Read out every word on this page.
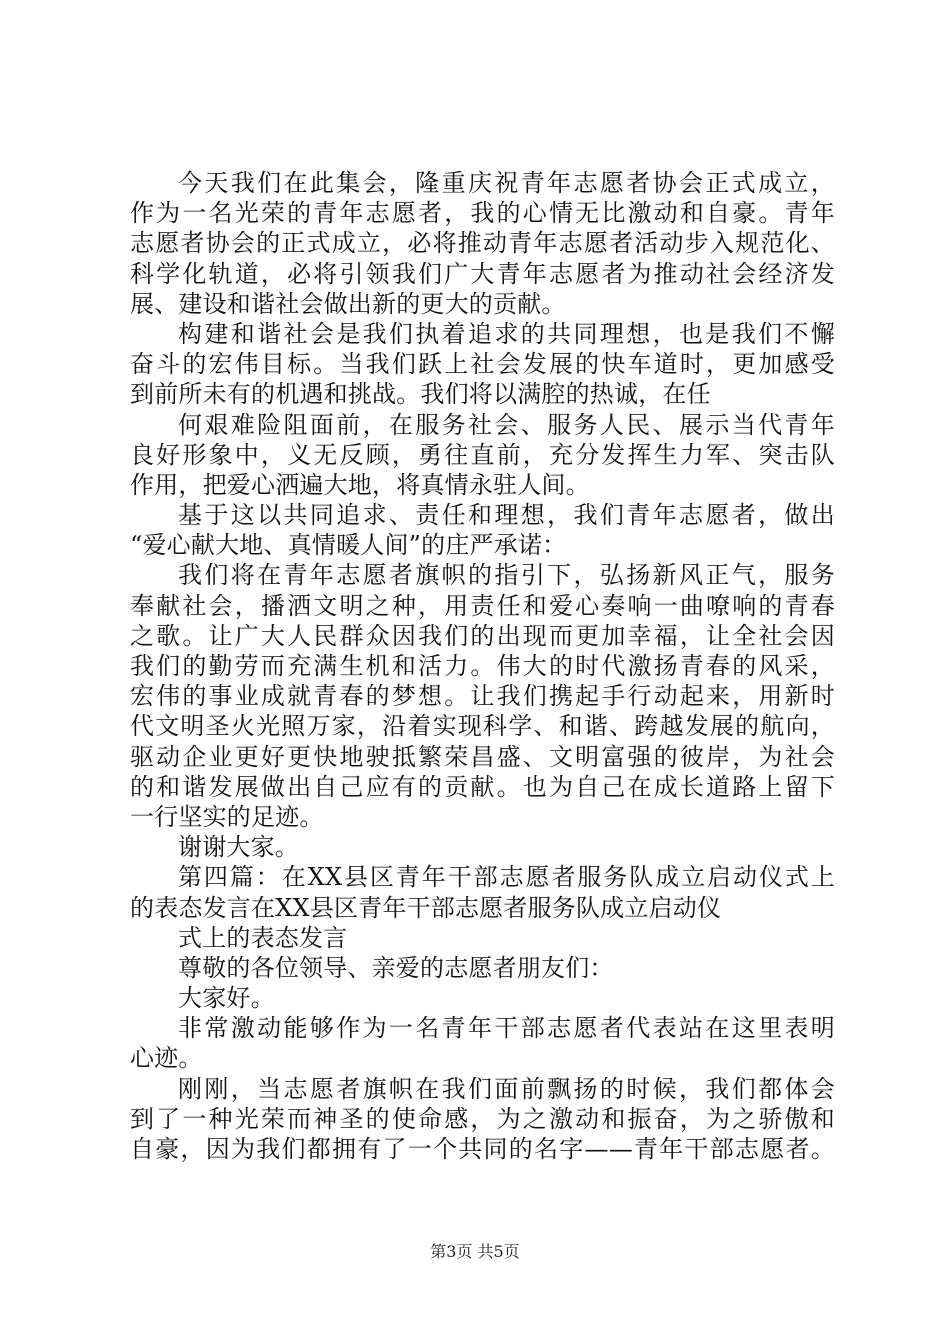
今天我们在此集会，隆重庆祝青年志愿者协会正式成立，
作为一名光荣的青年志愿者，我的心情无比激动和自豪。青年
志愿者协会的正式成立，必将推动青年志愿者活动步入规范化、
科学化轨道，必将引领我们广大青年志愿者为推动社会经济发
展、建设和谐社会做出新的更大的贡献。
构建和谐社会是我们执着追求的共同理想，也是我们不懈
奋斗的宏伟目标。当我们跃上社会发展的快车道时，更加感受
到前所未有的机遇和挑战。我们将以满腔的热诚，在任
何艰难险阻面前，在服务社会、服务人民、展示当代青年
良好形象中，义无反顾，勇往直前，充分发挥生力军、突击队
作用，把爱心洒遍大地，将真情永驻人间。
基于这以共同追求、责任和理想，我们青年志愿者，做出
“爱心献大地、真情暖人间”的庄严承诺：
我们将在青年志愿者旗帜的指引下，弘扬新风正气，服务
奉献社会，播洒文明之种，用责任和爱心奏响一曲嘹响的青春
之歌。让广大人民群众因我们的出现而更加幸福，让全社会因
我们的勤劳而充满生机和活力。伟大的时代激扬青春的风采，
宏伟的事业成就青春的梦想。让我们携起手行动起来，用新时
代文明圣火光照万家，沿着实现科学、和谐、跨越发展的航向，
驱动企业更好更快地驶抵繁荣昌盛、文明富强的彼岸，为社会
的和谐发展做出自己应有的贡献。也为自己在成长道路上留下
一行坚实的足迹。
谢谢大家。
第四篇：在XX县区青年干部志愿者服务队成立启动仪式上
的表态发言在XX县区青年干部志愿者服务队成立启动仪
式上的表态发言
尊敬的各位领导、亲爱的志愿者朋友们：
大家好。
非常激动能够作为一名青年干部志愿者代表站在这里表明
心迹。
刚刚，当志愿者旗帜在我们面前飘扬的时候，我们都体会
到了一种光荣而神圣的使命感，为之激动和振奋，为之骄傲和
自豪，因为我们都拥有了一个共同的名字——青年干部志愿者。
第3页 共5页
